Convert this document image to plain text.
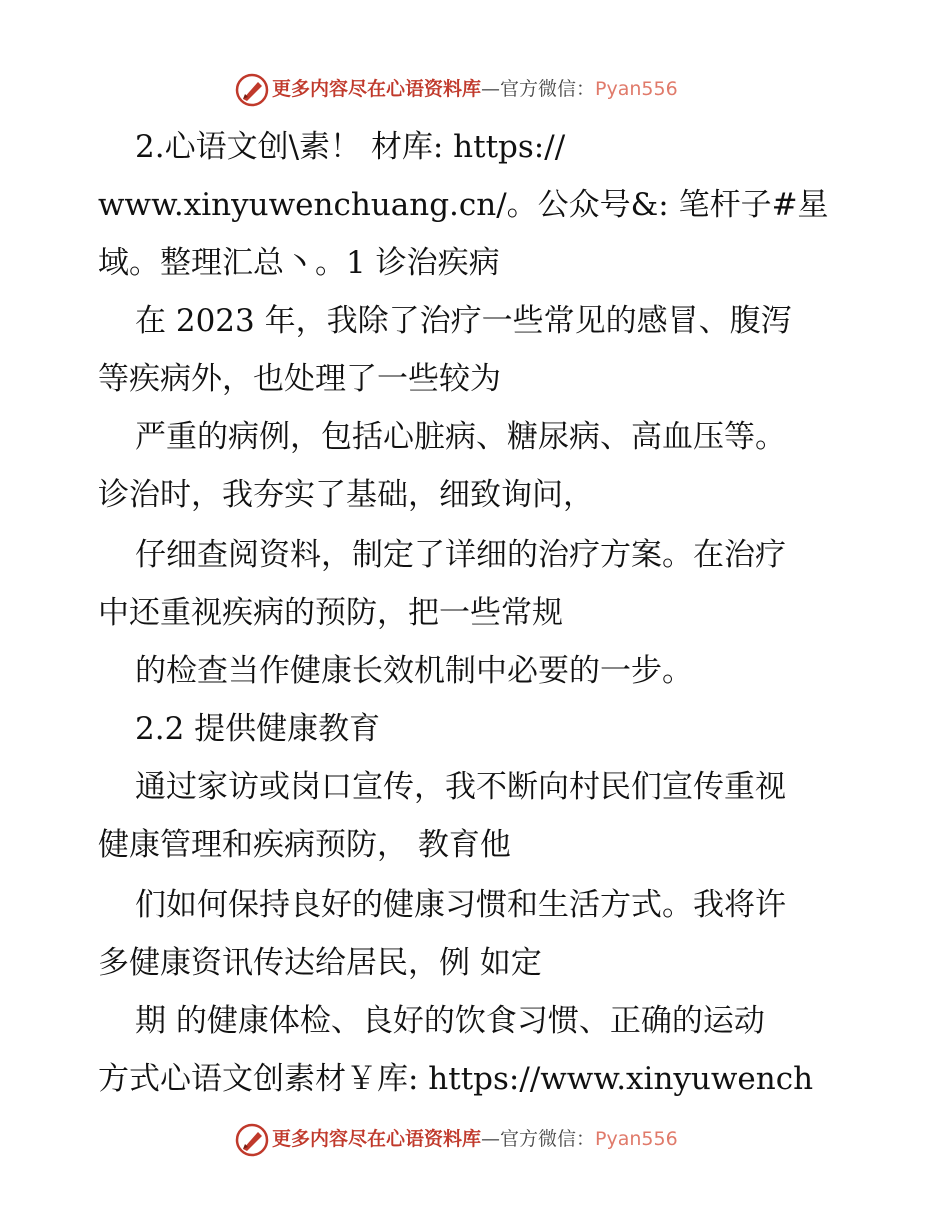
更多内容尽在心语资料库—官方微信：Pyan556
2.心语文创\素！ 材库: https://
www.xinyuwenchuang.cn/。公众号&: 笔杆子#星
域。整理汇总丶。1 诊治疾病
在 2023 年，我除了治疗一些常见的感冒、腹泻
等疾病外，也处理了一些较为
严重的病例，包括心脏病、糖尿病、高血压等。
诊治时，我夯实了基础，细致询问，
仔细查阅资料，制定了详细的治疗方案。在治疗
中还重视疾病的预防，把一些常规
的检查当作健康长效机制中必要的一步。
2.2 提供健康教育
通过家访或岗口宣传，我不断向村民们宣传重视
健康管理和疾病预防， 教育他
们如何保持良好的健康习惯和生活方式。我将许
多健康资讯传达给居民，例 如定
期 的健康体检、良好的饮食习惯、正确的运动
方式心语文创素材￥库: https://www.xinyuwench
更多内容尽在心语资料库—官方微信：Pyan556
